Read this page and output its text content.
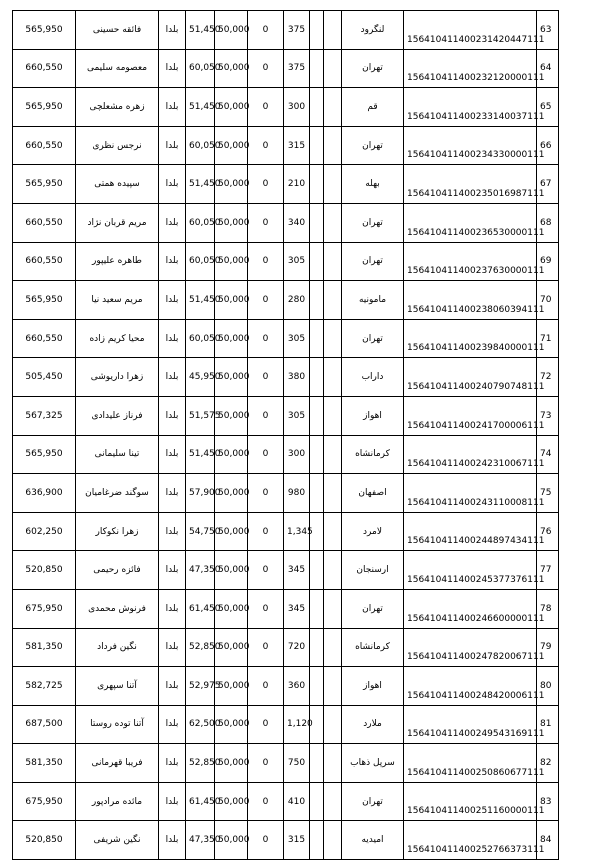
565,950	فائقه حسینی	بلدا	51,450	50,000	0	375			لنگرود	156410411400231420447111	63
660,550	معصومه سلیمی	بلدا	60,050	50,000	0	375			تهران	156410411400232120000111	64
565,950	زهره مشعلچی	بلدا	51,450	50,000	0	300			قم	156410411400233140037111	65
660,550	نرجس نظری	بلدا	60,050	50,000	0	315			تهران	156410411400234330000111	66
565,950	سپیده همتی	بلدا	51,450	50,000	0	210			بهله	156410411400235016987111	67
660,550	مریم قربان نژاد	بلدا	60,050	50,000	0	340			تهران	156410411400236530000111	68
660,550	طاهره علیپور	بلدا	60,050	50,000	0	305			تهران	156410411400237630000111	69
565,950	مریم سعید نیا	بلدا	51,450	50,000	0	280			مامونیه	156410411400238060394111	70
660,550	محیا کریم زاده	بلدا	60,050	50,000	0	305			تهران	156410411400239840000111	71
505,450	زهرا داریوشی	بلدا	45,950	50,000	0	380			داراب	156410411400240790748111	72
567,325	فرناز علیدادی	بلدا	51,575	50,000	0	305			اهواز	156410411400241700006111	73
565,950	تینا سلیمانی	بلدا	51,450	50,000	0	300			کرمانشاه	156410411400242310067111	74
636,900	سوگند ضرغامیان	بلدا	57,900	50,000	0	980			اصفهان	156410411400243110008111	75
602,250	زهرا نکوکار	بلدا	54,750	50,000	0	1,345			لامرد	156410411400244897434111	76
520,850	فائزه رحیمی	بلدا	47,350	50,000	0	345			ارسنجان	156410411400245377376111	77
675,950	فرنوش محمدی	بلدا	61,450	50,000	0	345			تهران	156410411400246600000111	78
581,350	نگین فرداد	بلدا	52,850	50,000	0	720			کرمانشاه	156410411400247820067111	79
582,725	آتنا سپهری	بلدا	52,975	50,000	0	360			اهواز	156410411400248420006111	80
687,500	آتنا توده روستا	بلدا	62,500	50,000	0	1,120			ملارد	156410411400249543169111	81
581,350	فریبا قهرمانی	بلدا	52,850	50,000	0	750			سرپل ذهاب	156410411400250860677111	82
675,950	مائده مرادپور	بلدا	61,450	50,000	0	410			تهران	156410411400251160000111	83
520,850	نگین شریفی	بلدا	47,350	50,000	0	315			امیدیه	156410411400252766373111	84
